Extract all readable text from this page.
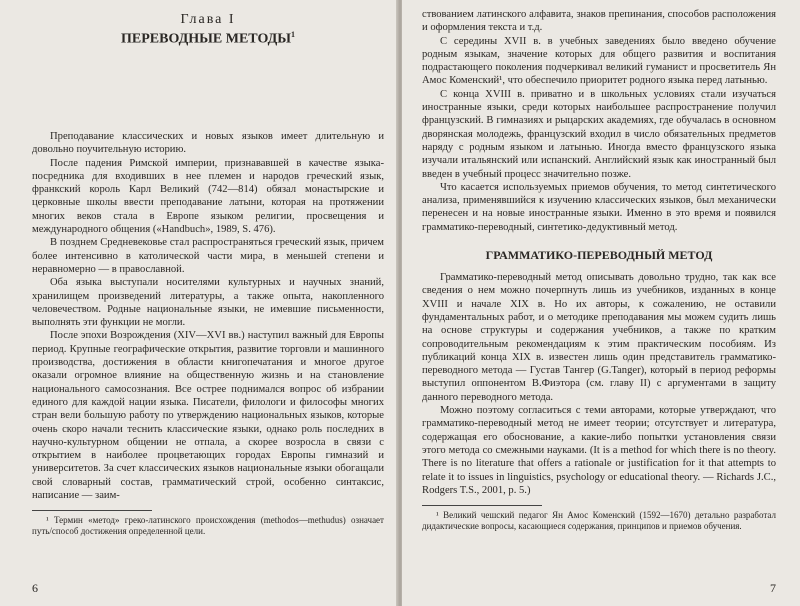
Глава I
ПЕРЕВОДНЫЕ МЕТОДЫ$^1$

Преподавание классических и новых языков имеет длительную и довольно поучительную историю.

После падения Римской империи, признававшей в качестве языка-посредника для входивших в нее племен и народов греческий язык, франкский король Карл Великий (742—814) обязал монастырские и церковные школы ввести преподавание латыни, которая на протяжении многих веков стала в Европе языком религии, просвещения и международного общения («Handbuch», 1989, S. 476).

В позднем Средневековье стал распространяться греческий язык, причем более интенсивно в католической части мира, в меньшей степени и неравномерно — в православной.

Оба языка выступали носителями культурных и научных знаний, хранилищем произведений литературы, а также опыта, накопленного человечеством. Родные национальные языки, не имевшие письменности, выполнять эти функции не могли.

После эпохи Возрождения (XIV—XVI вв.) наступил важный для Европы период. Крупные географические открытия, развитие торговли и машинного производства, достижения в области книгопечатания и многое другое оказали огромное влияние на общественную жизнь и на становление национального самосознания. Все острее поднимался вопрос об избрании единого для каждой нации языка. Писатели, филологи и философы многих стран вели большую работу по утверждению национальных языков, которые очень скоро начали теснить классические языки, однако роль последних в научно-культурном общении не отпала, а скорее возросла в связи с открытием в наиболее процветающих городах Европы гимназий и университетов. За счет классических языков национальные языки обогащали свой словарный состав, грамматический строй, особенно синтаксис, написание — заим-

¹ Термин «метод» греко-латинского происхождения (methodos—methudus) означает путь/способ достижения определенной цели.

6

ствованием латинского алфавита, знаков препинания, способов расположения и оформления текста и т.д.

С середины XVII в. в учебных заведениях было введено обучение родным языкам, значение которых для общего развития и воспитания подрастающего поколения подчеркивал великий гуманист и просветитель Ян Амос Коменский¹, что обеспечило приоритет родного языка перед латынью.

С конца XVIII в. приватно и в школьных условиях стали изучаться иностранные языки, среди которых наибольшее распространение получил французский. В гимназиях и рыцарских академиях, где обучалась в основном дворянская молодежь, французский входил в число обязательных предметов наряду с родным языком и латынью. Иногда вместо французского языка изучали итальянский или испанский. Английский язык как иностранный был введен в учебный процесс значительно позже.

Что касается используемых приемов обучения, то метод синтетического анализа, применявшийся к изучению классических языков, был механически перенесен и на новые иностранные языки. Именно в это время и появился грамматико-переводный, синтетико-дедуктивный метод.

ГРАММАТИКО-ПЕРЕВОДНЫЙ МЕТОД

Грамматико-переводный метод описывать довольно трудно, так как все сведения о нем можно почерпнуть лишь из учебников, изданных в конце XVIII и начале XIX в. Но их авторы, к сожалению, не оставили фундаментальных работ, и о методике преподавания мы можем судить лишь на основе структуры и содержания учебников, а также по кратким сопроводительным рекомендациям к этим практическим пособиям. Из публикаций конца XIX в. известен лишь один представитель грамматико-переводного метода — Густав Тангер (G.Tanger), который в период реформы выступил оппонентом В.Фиэтора (см. главу II) с аргументами в защиту данного переводного метода.

Можно поэтому согласиться с теми авторами, которые утверждают, что грамматико-переводный метод не имеет теории; отсутствует и литература, содержащая его обоснование, а какие-либо попытки установления связи этого метода со смежными науками. (It is a method for which there is no theory. There is no literature that offers a rationale or justification for it that attempts to relate it to issues in linguistics, psychology or educational theory. — Richards J.C., Rodgers T.S., 2001, p. 5.)

¹ Великий чешский педагог Ян Амос Коменский (1592—1670) детально разработал дидактические вопросы, касающиеся содержания, принципов и приемов обучения.

7
